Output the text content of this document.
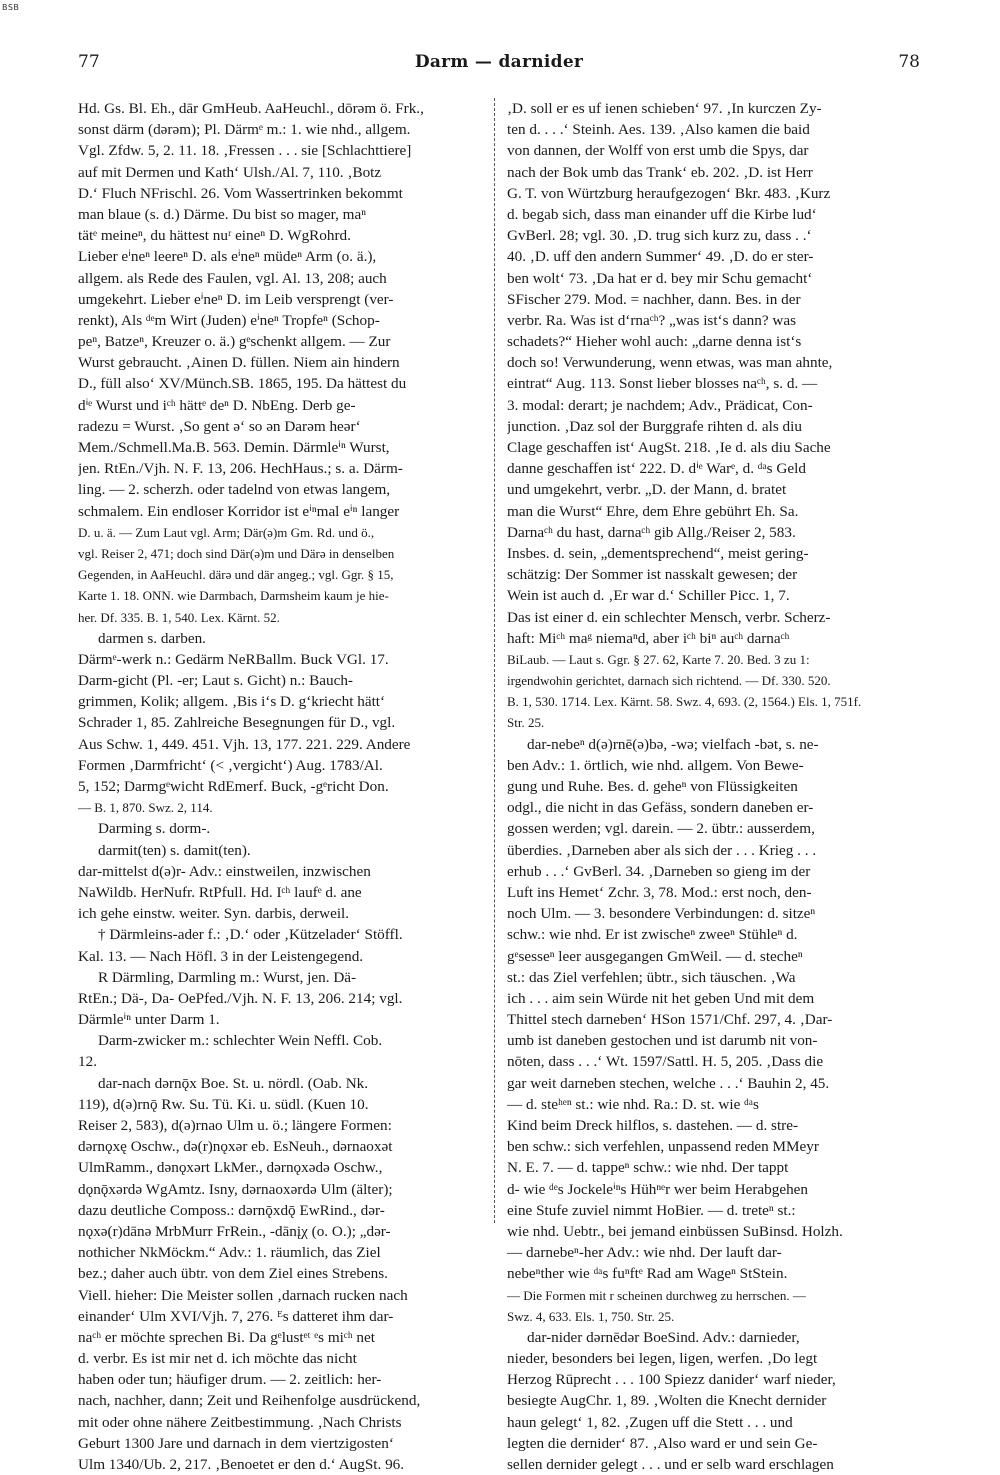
BSB
77	Darm — darnider	78
Hd. Gs. Bl. Eh., dār GmHeub. AaHeuchl., dōrəm ö. Frk.,
sonst därm (dərəm); Pl. Därmᵉ m.: 1. wie nhd., allgem.
Vgl. Zfdw. 5, 2. 11. 18. ‚Fressen . . . sie [Schlachttiere]
auf mit Dermen und Kath‘ Ulsh./Al. 7, 110. ‚Botz
D.‘ Fluch NFrischl. 26. Vom Wassertrinken bekommt
man blaue (s. d.) Därme. Du bist so mager, maⁿ
tätᵉ meineⁿ, du hättest nuʳ eineⁿ D. WgRohrd.
Lieber eⁱneⁿ leereⁿ D. als eⁱneⁿ müdeⁿ Arm (o. ä.),
allgem. als Rede des Faulen, vgl. Al. 13, 208; auch
umgekehrt. Lieber eⁱneⁿ D. im Leib versprengt (ver-
renkt), Als ᵈᵉm Wirt (Juden) eⁱneⁿ Tropfeⁿ (Schop-
peⁿ, Batzeⁿ, Kreuzer o. ä.) gᵉschenkt allgem. — Zur
Wurst gebraucht. ‚Ainen D. füllen. Niem ain hindern
D., füll also‘ XV/Münch.SB. 1865, 195. Da hättest du
dⁱᵉ Wurst und iᶜʰ hättᵉ deⁿ D. NbEng. Derb ge-
radezu = Wurst. ‚So gent ə‘ so ən Darəm heər‘
Mem./Schmell.Ma.B. 563. Demin. Därmleⁱⁿ Wurst,
jen. RtEn./Vjh. N. F. 13, 206. HechHaus.; s. a. Därm-
ling. — 2. scherzh. oder tadelnd von etwas langem,
schmalem. Ein endloser Korridor ist eⁱⁿmal eⁱⁿ langer
D. u. ä. — Zum Laut vgl. Arm; Där(ə)m Gm. Rd. und ö.,
vgl. Reiser 2, 471; doch sind Där(ə)m und Därə in denselben
Gegenden, in AaHeuchl. därə und där angeg.; vgl. Ggr. § 15,
Karte 1. 18. ONN. wie Darmbach, Darmsheim kaum je hie-
her. Df. 335. B. 1, 540. Lex. Kärnt. 52.
darmen s. darben.
Därmᵉ-werk n.: Gedärm NeRBallm. Buck VGl. 17.
Darm-gicht (Pl. -er; Laut s. Gicht) n.: Bauch-
grimmen, Kolik; allgem. ‚Bis i‘s D. g‘kriecht hätt‘
Schrader 1, 85. Zahlreiche Besegnungen für D., vgl.
Aus Schw. 1, 449. 451. Vjh. 13, 177. 221. 229. Andere
Formen ‚Darmfricht‘ (< ‚vergicht‘) Aug. 1783/Al.
5, 152; Darmgᵉwicht RdEmerf. Buck, -gᵉricht Don.
— B. 1, 870. Swz. 2, 114.
Darming s. dorm-.
darmit(ten) s. damit(ten).
dar-mittelst d(ə)r- Adv.: einstweilen, inzwischen
NaWildb. HerNufr. RtPfull. Hd. Iᶜʰ laufᵉ d. ane
ich gehe einstw. weiter. Syn. darbis, derweil.
† Därmleins-ader f.: ‚D.‘ oder ‚Kützelader‘ Stöffl.
Kal. 13. — Nach Höfl. 3 in der Leistengegend.
R Därmling, Darmling m.: Wurst, jen. Dä-
RtEn.; Dä-, Da- OePfed./Vjh. N. F. 13, 206. 214; vgl.
Därmleⁱⁿ unter Darm 1.
Darm-zwicker m.: schlechter Wein Neffl. Cob.
12.
dar-nach dərnǭx Boe. St. u. nördl. (Oab. Nk.
119), d(ə)rnǭ Rw. Su. Tü. Ki. u. südl. (Kuen 10.
Reiser 2, 583), d(ə)rnao Ulm u. ö.; längere Formen:
dərnǫxę Oschw., də(r)nǫxər eb. EsNeuh., dərnaoxət
UlmRamm., dənǫxərt LkMer., dərnǫxədə Oschw.,
dǫnǭxərdə WgAmtz. Isny, dərnaoxərdə Ulm (älter);
dazu deutliche Composs.: dərnǭxdǭ EwRind., dər-
nǫxə(r)dānə MrbMurr FrRein., -dānįχ (o. O.); „dər-
nothicher NkMöckm.“ Adv.: 1. räumlich, das Ziel
bez.; daher auch übtr. von dem Ziel eines Strebens.
Viell. hieher: Die Meister sollen ‚darnach rucken nach
einander‘ Ulm XVI/Vjh. 7, 276. ᴱs datteret ihm dar-
naᶜʰ er möchte sprechen Bi. Da gᵉlustᵉᵗ ᵉs miᶜʰ net
d. verbr. Es ist mir net d. ich möchte das nicht
haben oder tun; häufiger drum. — 2. zeitlich: her-
nach, nachher, dann; Zeit und Reihenfolge ausdrückend,
mit oder ohne nähere Zeitbestimmung. ‚Nach Christs
Geburt 1300 Jare und darnach in dem viertzigosten‘
Ulm 1340/Ub. 2, 217. ‚Benoetet er den d.‘ AugSt. 96.
‚D. soll er es uf ienen schieben‘ 97. ‚In kurczen Zy-
ten d. . . .‘ Steinh. Aes. 139. ‚Also kamen die baid
von dannen, der Wolff von erst umb die Spys, dar
nach der Bok umb das Trank‘ eb. 202. ‚D. ist Herr
G. T. von Würtzburg heraufgezogen‘ Bkr. 483. ‚Kurz
d. begab sich, dass man einander uff die Kirbe lud‘
GvBerl. 28; vgl. 30. ‚D. trug sich kurz zu, dass . .‘
40. ‚D. uff den andern Summer‘ 49. ‚D. do er ster-
ben wolt‘ 73. ‚Da hat er d. bey mir Schu gemacht‘
SFischer 279. Mod. = nachher, dann. Bes. in der
verbr. Ra. Was ist d‘rnaᶜʰ? „was ist‘s dann? was
schadets?“ Hieher wohl auch: „darne denna ist‘s
doch so! Verwunderung, wenn etwas, was man ahnte,
eintrat“ Aug. 113. Sonst lieber blosses naᶜʰ, s. d. —
3. modal: derart; je nachdem; Adv., Prädicat, Con-
junction. ‚Daz sol der Burggrafe rihten d. als diu
Clage geschaffen ist‘ AugSt. 218. ‚Ie d. als diu Sache
danne geschaffen ist‘ 222. D. dⁱᵉ Warᵉ, d. ᵈᵃs Geld
und umgekehrt, verbr. „D. der Mann, d. bratet
man die Wurst“ Ehre, dem Ehre gebührt Eh. Sa.
Darnaᶜʰ du hast, darnaᶜʰ gib Allg./Reiser 2, 583.
Insbes. d. sein, „dementsprechend“, meist gering-
schätzig: Der Sommer ist nasskalt gewesen; der
Wein ist auch d. ‚Er war d.‘ Schiller Picc. 1, 7.
Das ist einer d. ein schlechter Mensch, verbr. Scherz-
haft: Miᶜʰ maᵍ niemaⁿd, aber iᶜʰ biⁿ auᶜʰ darnaᶜʰ
BiLaub. — Laut s. Ggr. § 27. 62, Karte 7. 20. Bed. 3 zu 1:
irgendwohin gerichtet, darnach sich richtend. — Df. 330. 520.
B. 1, 530. 1714. Lex. Kärnt. 58. Swz. 4, 693. (2, 1564.) Els. 1, 751f.
Str. 25.
dar-nebeⁿ d(ə)rnē(ə)bə, -wə; vielfach -bət, s. ne-
ben Adv.: 1. örtlich, wie nhd. allgem. Von Bewe-
gung und Ruhe. Bes. d. geheⁿ von Flüssigkeiten
odgl., die nicht in das Gefäss, sondern daneben er-
gossen werden; vgl. darein. — 2. übtr.: ausserdem,
überdies. ‚Darneben aber als sich der . . . Krieg . . .
erhub . . .‘ GvBerl. 34. ‚Darneben so gieng im der
Luft ins Hemet‘ Zchr. 3, 78. Mod.: erst noch, den-
noch Ulm. — 3. besondere Verbindungen: d. sitzeⁿ
schw.: wie nhd. Er ist zwischeⁿ zweeⁿ Stühleⁿ d.
gᵉsesseⁿ leer ausgegangen GmWeil. — d. stecheⁿ
st.: das Ziel verfehlen; übtr., sich täuschen. ‚Wa
ich . . . aim sein Würde nit het geben Und mit dem
Thittel stech darneben‘ HSon 1571/Chf. 297, 4. ‚Dar-
umb ist daneben gestochen und ist darumb nit von-
nōten, dass . . .‘ Wt. 1597/Sattl. H. 5, 205. ‚Dass die
gar weit darneben stechen, welche . . .‘ Bauhin 2, 45.
— d. steʰᵉⁿ st.: wie nhd. Ra.: D. st. wie ᵈᵃs
Kind beim Dreck hilflos, s. dastehen. — d. stre-
ben schw.: sich verfehlen, unpassend reden MMeyr
N. E. 7. — d. tappeⁿ schw.: wie nhd. Der tappt
d- wie ᵈᵉs Jockeleⁱⁿs Hühⁿᵉr wer beim Herabgehen
eine Stufe zuviel nimmt HoBier. — d. treteⁿ st.:
wie nhd. Uebtr., bei jemand einbüssen SuBinsd. Holzh.
— darnebeⁿ-her Adv.: wie nhd. Der lauft dar-
nebeⁿther wie ᵈᵃs fuⁿftᵉ Rad am Wageⁿ StStein.
— Die Formen mit r scheinen durchweg zu herrschen. —
Swz. 4, 633. Els. 1, 750. Str. 25.
dar-nider dərnēdər BoeSind. Adv.: darnieder,
nieder, besonders bei legen, ligen, werfen. ‚Do legt
Herzog Rūprecht . . . 100 Spiezz danider‘ warf nieder,
besiegte AugChr. 1, 89. ‚Wolten die Knecht dernider
haun gelegt‘ 1, 82. ‚Zugen uff die Stett . . . und
legten die dernider‘ 87. ‚Also ward er und sein Ge-
sellen dernider gelegt . . . und er selb ward erschlagen
